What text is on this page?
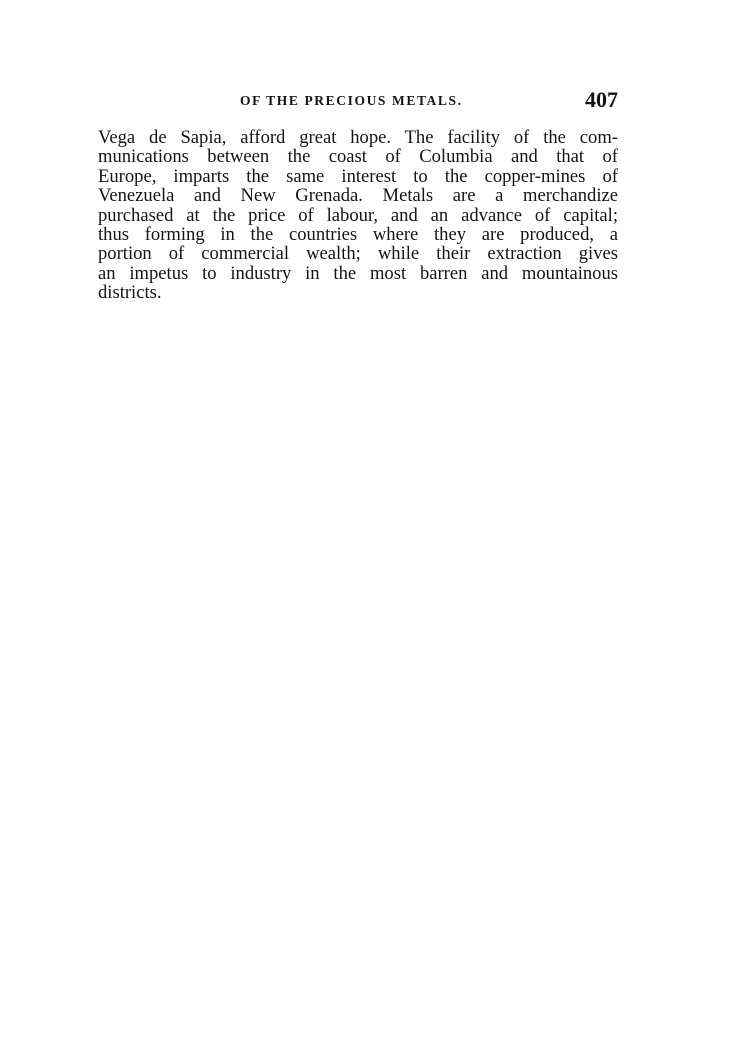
OF THE PRECIOUS METALS.	407
Vega de Sapia, afford great hope. The facility of the com-
munications between the coast of Columbia and that of
Europe, imparts the same interest to the copper-mines of
Venezuela and New Grenada. Metals are a merchandize
purchased at the price of labour, and an advance of capital;
thus forming in the countries where they are produced, a
portion of commercial wealth; while their extraction gives
an impetus to industry in the most barren and mountainous
districts.
